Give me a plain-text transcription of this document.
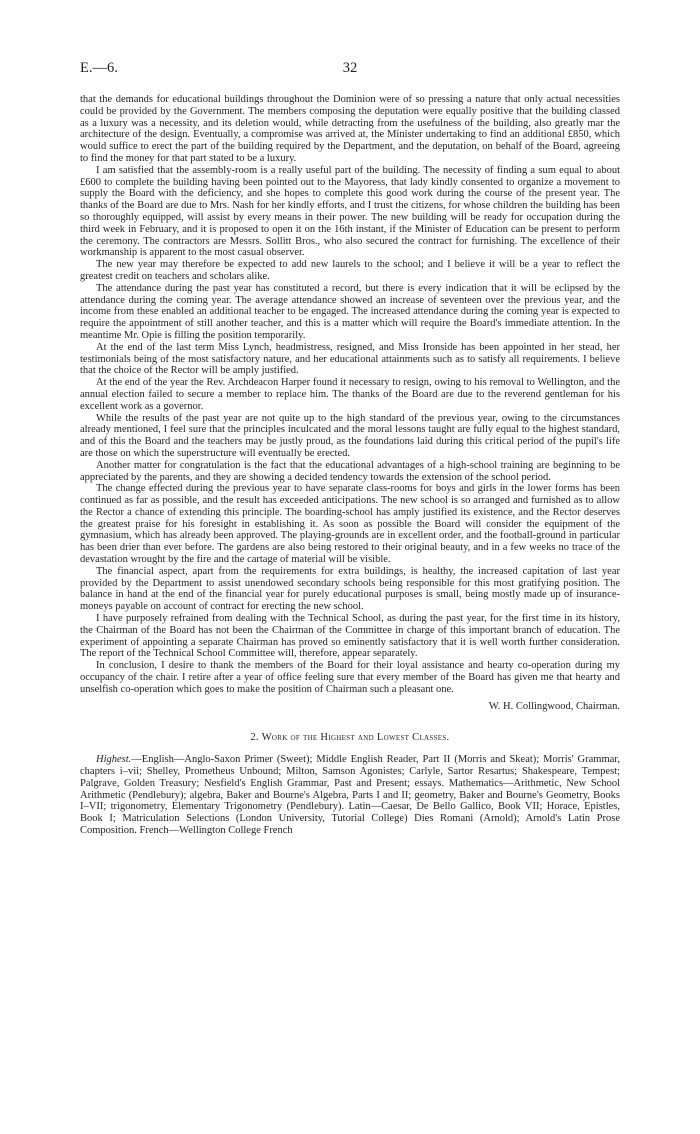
E.—6.	32

that the demands for educational buildings throughout the Dominion were of so pressing a nature that only actual necessities could be provided by the Government. The members composing the deputation were equally positive that the building classed as a luxury was a necessity, and its deletion would, while detracting from the usefulness of the building, also greatly mar the architecture of the design. Eventually, a compromise was arrived at, the Minister undertaking to find an additional £850, which would suffice to erect the part of the building required by the Department, and the deputation, on behalf of the Board, agreeing to find the money for that part stated to be a luxury.

I am satisfied that the assembly-room is a really useful part of the building. The necessity of finding a sum equal to about £600 to complete the building having been pointed out to the Mayoress, that lady kindly consented to organize a movement to supply the Board with the deficiency, and she hopes to complete this good work during the course of the present year. The thanks of the Board are due to Mrs. Nash for her kindly efforts, and I trust the citizens, for whose children the building has been so thoroughly equipped, will assist by every means in their power. The new building will be ready for occupation during the third week in February, and it is proposed to open it on the 16th instant, if the Minister of Education can be present to perform the ceremony. The contractors are Messrs. Sollitt Bros., who also secured the contract for furnishing. The excellence of their workmanship is apparent to the most casual observer.

The new year may therefore be expected to add new laurels to the school; and I believe it will be a year to reflect the greatest credit on teachers and scholars alike.

The attendance during the past year has constituted a record, but there is every indication that it will be eclipsed by the attendance during the coming year. The average attendance showed an increase of seventeen over the previous year, and the income from these enabled an additional teacher to be engaged. The increased attendance during the coming year is expected to require the appointment of still another teacher, and this is a matter which will require the Board's immediate attention. In the meantime Mr. Opie is filling the position temporarily.

At the end of the last term Miss Lynch, headmistress, resigned, and Miss Ironside has been appointed in her stead, her testimonials being of the most satisfactory nature, and her educational attainments such as to satisfy all requirements. I believe that the choice of the Rector will be amply justified.

At the end of the year the Rev. Archdeacon Harper found it necessary to resign, owing to his removal to Wellington, and the annual election failed to secure a member to replace him. The thanks of the Board are due to the reverend gentleman for his excellent work as a governor.

While the results of the past year are not quite up to the high standard of the previous year, owing to the circumstances already mentioned, I feel sure that the principles inculcated and the moral lessons taught are fully equal to the highest standard, and of this the Board and the teachers may be justly proud, as the foundations laid during this critical period of the pupil's life are those on which the superstructure will eventually be erected.

Another matter for congratulation is the fact that the educational advantages of a high-school training are beginning to be appreciated by the parents, and they are showing a decided tendency towards the extension of the school period.

The change effected during the previous year to have separate class-rooms for boys and girls in the lower forms has been continued as far as possible, and the result has exceeded anticipations. The new school is so arranged and furnished as to allow the Rector a chance of extending this principle. The boarding-school has amply justified its existence, and the Rector deserves the greatest praise for his foresight in establishing it. As soon as possible the Board will consider the equipment of the gymnasium, which has already been approved. The playing-grounds are in excellent order, and the football-ground in particular has been drier than ever before. The gardens are also being restored to their original beauty, and in a few weeks no trace of the devastation wrought by the fire and the cartage of material will be visible.

The financial aspect, apart from the requirements for extra buildings, is healthy, the increased capitation of last year provided by the Department to assist unendowed secondary schools being responsible for this most gratifying position. The balance in hand at the end of the financial year for purely educational purposes is small, being mostly made up of insurance-moneys payable on account of contract for erecting the new school.

I have purposely refrained from dealing with the Technical School, as during the past year, for the first time in its history, the Chairman of the Board has not been the Chairman of the Committee in charge of this important branch of education. The experiment of appointing a separate Chairman has proved so eminently satisfactory that it is well worth further consideration. The report of the Technical School Committee will, therefore, appear separately.

In conclusion, I desire to thank the members of the Board for their loyal assistance and hearty co-operation during my occupancy of the chair. I retire after a year of office feeling sure that every member of the Board has given me that hearty and unselfish co-operation which goes to make the position of Chairman such a pleasant one.

W. H. Collingwood, Chairman.
2. Work of the Highest and Lowest Classes.

Highest.—English—Anglo-Saxon Primer (Sweet); Middle English Reader, Part II (Morris and Skeat); Morris' Grammar, chapters i–vii; Shelley, Prometheus Unbound; Milton, Samson Agonistes; Carlyle, Sartor Resartus; Shakespeare, Tempest; Palgrave, Golden Treasury; Nesfield's English Grammar, Past and Present; essays. Mathematics—Arithmetic, New School Arithmetic (Pendlebury); algebra, Baker and Bourne's Algebra, Parts I and II; geometry, Baker and Bourne's Geometry, Books I–VII; trigonometry, Elementary Trigonometry (Pendlebury). Latin—Caesar, De Bello Gallico, Book VII; Horace, Epistles, Book I; Matriculation Selections (London University, Tutorial College) Dies Romani (Arnold); Arnold's Latin Prose Composition. French—Wellington College French
